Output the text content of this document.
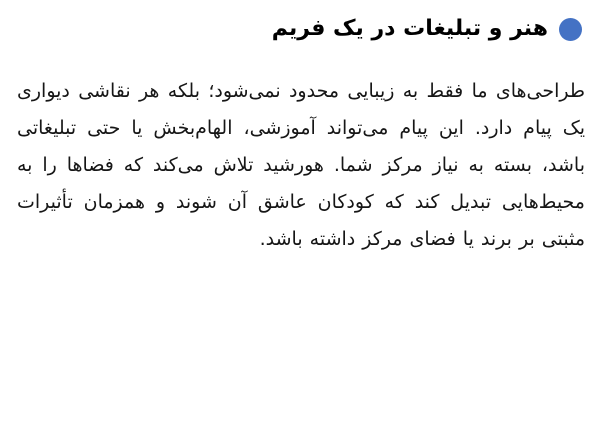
هنر و تبلیغات در یک فریم

طراحی‌های ما فقط به زیبایی محدود نمی‌شود؛ بلکه هر نقاشی دیواری یک پیام دارد. این پیام می‌تواند آموزشی، الهام‌بخش یا حتی تبلیغاتی باشد، بسته به نیاز مرکز شما. هورشید تلاش می‌کند که فضاها را به محیط‌هایی تبدیل کند که کودکان عاشق آن شوند و همزمان تأثیرات مثبتی بر برند یا فضای مرکز داشته باشد.
